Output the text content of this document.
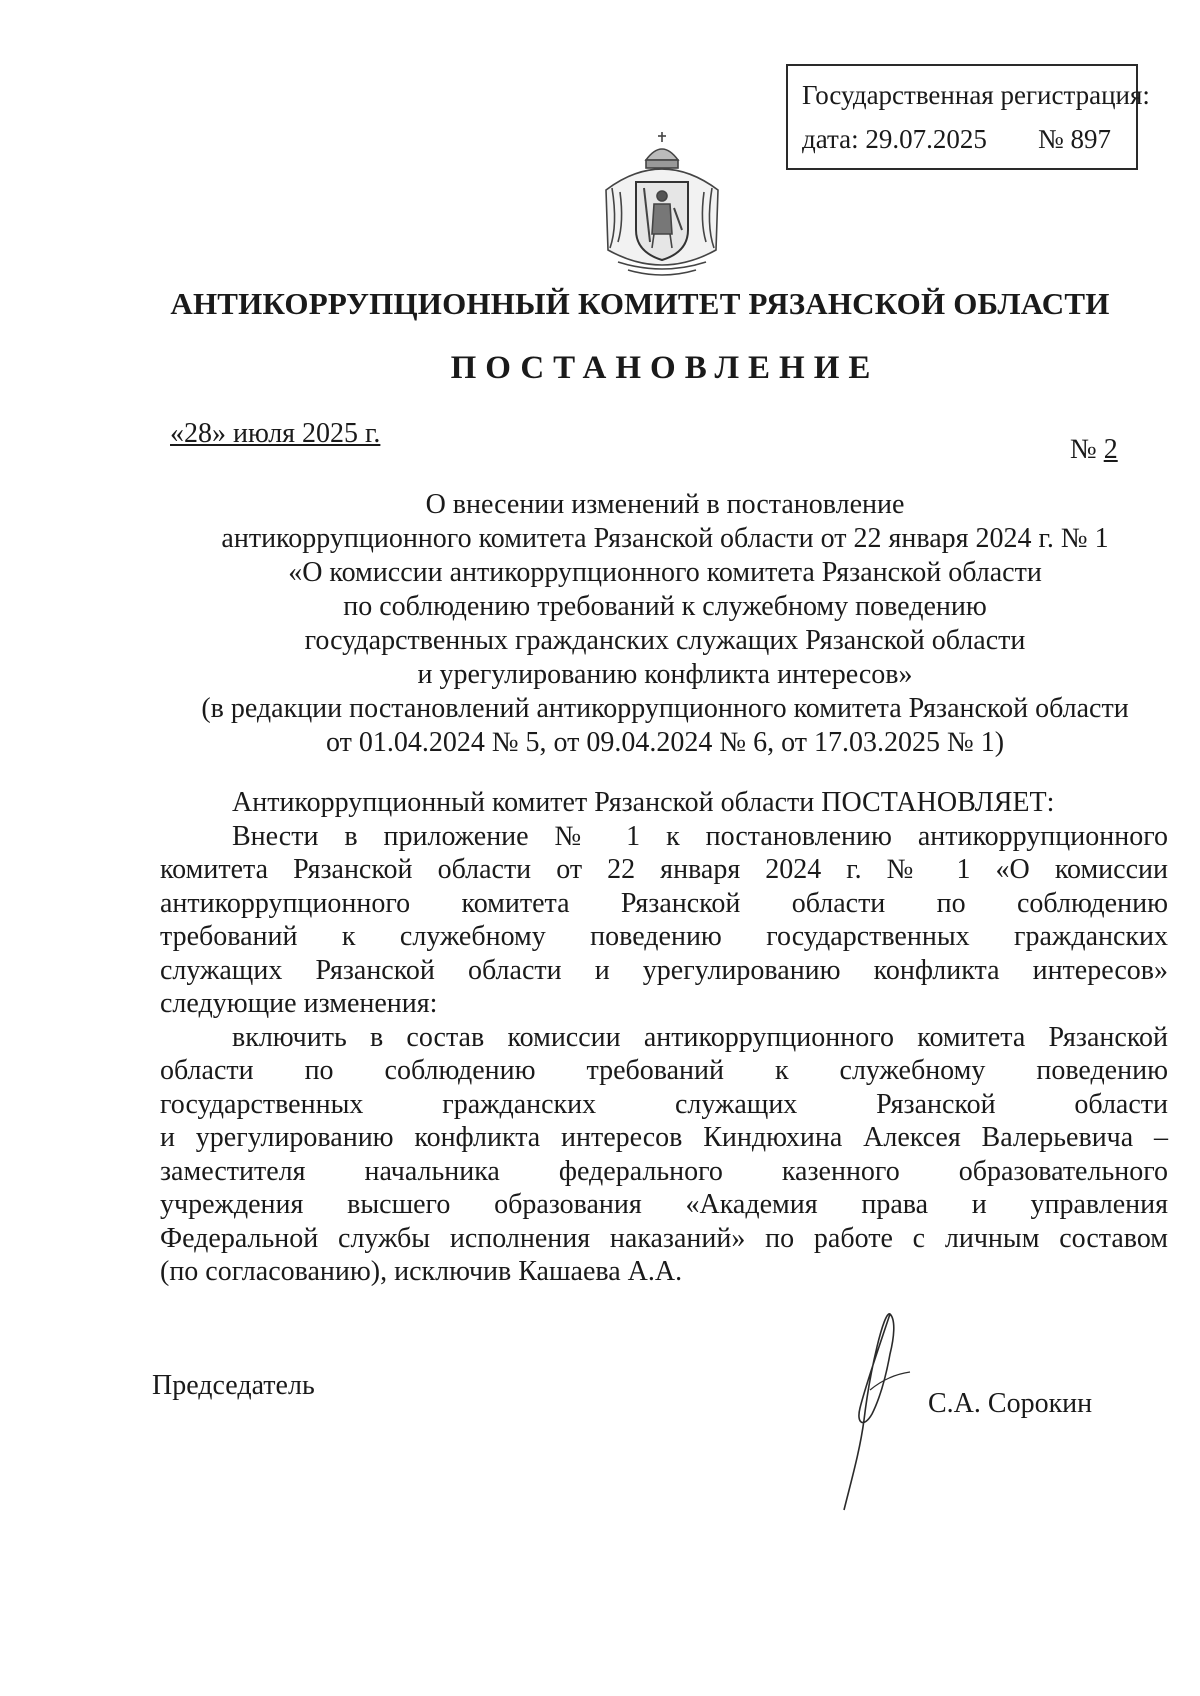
Государственная регистрация:
дата: 29.07.2025 № 897
АНТИКОРРУПЦИОННЫЙ КОМИТЕТ РЯЗАНСКОЙ ОБЛАСТИ
ПОСТАНОВЛЕНИЕ
«28» июля 2025 г.
№ 2
О внесении изменений в постановление
антикоррупционного комитета Рязанской области от 22 января 2024 г. № 1
«О комиссии антикоррупционного комитета Рязанской области
по соблюдению требований к служебному поведению
государственных гражданских служащих Рязанской области
и урегулированию конфликта интересов»
(в редакции постановлений антикоррупционного комитета Рязанской области
от 01.04.2024 № 5, от 09.04.2024 № 6, от 17.03.2025 № 1)
Антикоррупционный комитет Рязанской области ПОСТАНОВЛЯЕТ:
Внести в приложение № 1 к постановлению антикоррупционного
комитета Рязанской области от 22 января 2024 г. № 1 «О комиссии
антикоррупционного комитета Рязанской области по соблюдению
требований к служебному поведению государственных гражданских
служащих Рязанской области и урегулированию конфликта интересов»
следующие изменения:
включить в состав комиссии антикоррупционного комитета Рязанской
области по соблюдению требований к служебному поведению
государственных гражданских служащих Рязанской области
и урегулированию конфликта интересов Киндюхина Алексея Валерьевича –
заместителя начальника федерального казенного образовательного
учреждения высшего образования «Академия права и управления
Федеральной службы исполнения наказаний» по работе с личным составом
(по согласованию), исключив Кашаева А.А.
Председатель
С.А. Сорокин
